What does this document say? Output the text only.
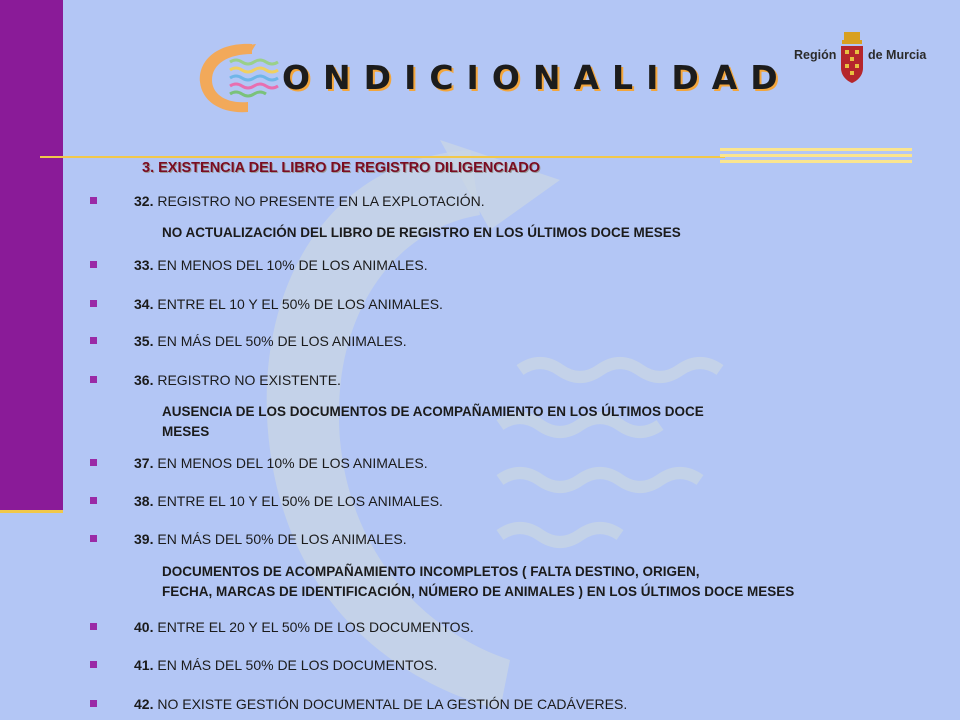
ONDICIONALIDAD
Región	de Murcia
3. EXISTENCIA DEL LIBRO DE REGISTRO DILIGENCIADO
32. REGISTRO NO PRESENTE EN LA EXPLOTACIÓN.
NO ACTUALIZACIÓN DEL LIBRO DE REGISTRO EN LOS ÚLTIMOS DOCE MESES
33. EN MENOS DEL 10% DE LOS ANIMALES.
34. ENTRE EL 10 Y EL 50% DE LOS ANIMALES.
35. EN MÁS DEL 50% DE LOS ANIMALES.
36. REGISTRO NO EXISTENTE.
AUSENCIA DE LOS DOCUMENTOS DE ACOMPAÑAMIENTO EN LOS ÚLTIMOS DOCE
MESES
37. EN MENOS DEL 10% DE LOS ANIMALES.
38. ENTRE EL 10 Y EL 50% DE LOS ANIMALES.
39. EN MÁS DEL 50% DE LOS ANIMALES.
DOCUMENTOS DE ACOMPAÑAMIENTO INCOMPLETOS ( FALTA DESTINO, ORIGEN,
FECHA, MARCAS DE IDENTIFICACIÓN, NÚMERO DE ANIMALES ) EN LOS ÚLTIMOS DOCE MESES
40. ENTRE EL 20 Y EL 50% DE LOS DOCUMENTOS.
41. EN MÁS DEL 50% DE LOS DOCUMENTOS.
42. NO EXISTE GESTIÓN DOCUMENTAL DE LA GESTIÓN DE CADÁVERES.
